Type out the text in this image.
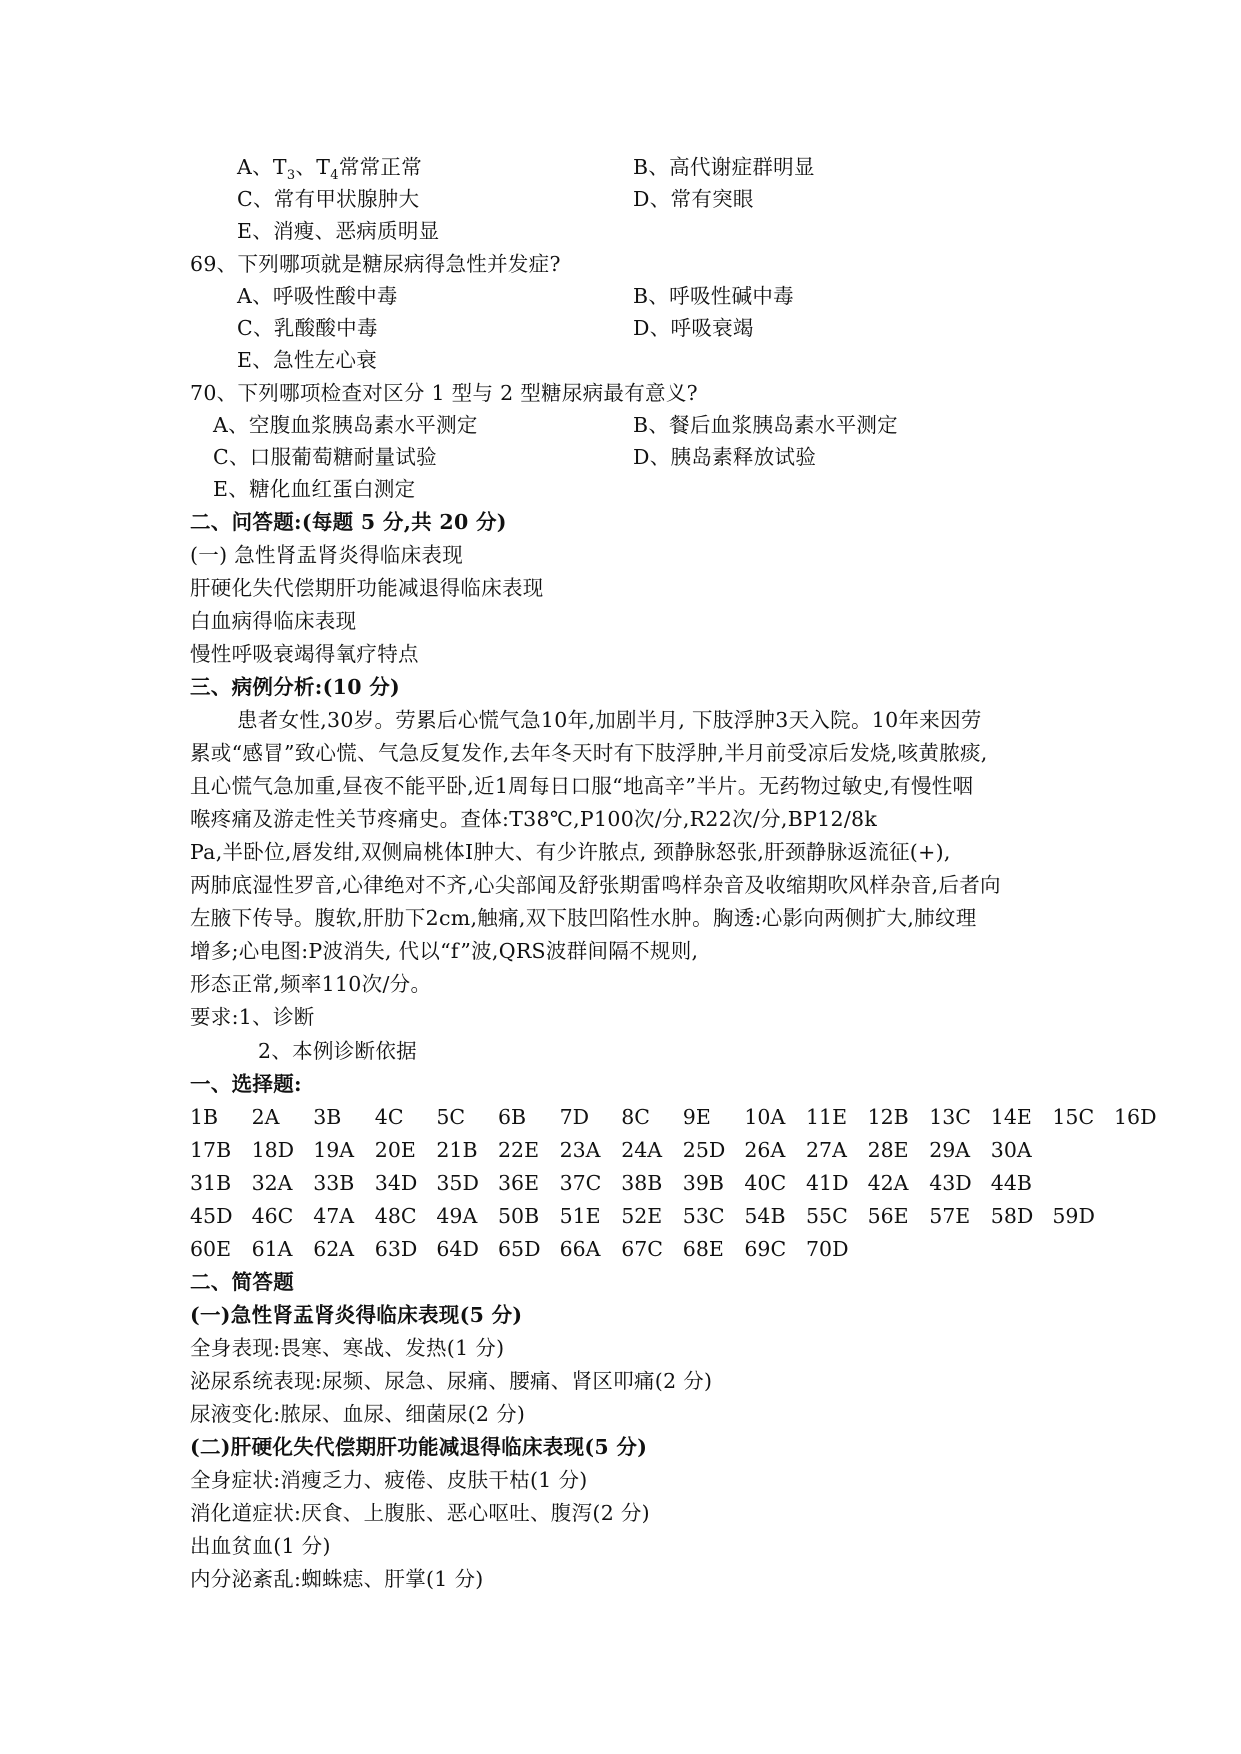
A、$T_3$、$T_4$常常正常	B、高代谢症群明显
C、常有甲状腺肿大	D、常有突眼
E、消瘦、恶病质明显
69、下列哪项就是糖尿病得急性并发症?
A、呼吸性酸中毒	B、呼吸性碱中毒
C、乳酸酸中毒	D、呼吸衰竭
E、急性左心衰
70、下列哪项检查对区分 1 型与 2 型糖尿病最有意义?
A、空腹血浆胰岛素水平测定	B、餐后血浆胰岛素水平测定
C、口服葡萄糖耐量试验	D、胰岛素释放试验
E、糖化血红蛋白测定
二、问答题:(每题 5 分,共 20 分)
(一) 急性肾盂肾炎得临床表现
肝硬化失代偿期肝功能减退得临床表现
白血病得临床表现
慢性呼吸衰竭得氧疗特点
三、病例分析:(10 分)
患者女性,30岁。劳累后心慌气急10年,加剧半月, 下肢浮肿3天入院。10年来因劳
累或“感冒”致心慌、气急反复发作,去年冬天时有下肢浮肿,半月前受凉后发烧,咳黄脓痰,
且心慌气急加重,昼夜不能平卧,近1周每日口服“地高辛”半片。无药物过敏史,有慢性咽
喉疼痛及游走性关节疼痛史。查体:T38℃,P100次/分,R22次/分,BP12/8k
Pa,半卧位,唇发绀,双侧扁桃体Ⅰ肿大、有少许脓点, 颈静脉怒张,肝颈静脉返流征(+),
两肺底湿性罗音,心律绝对不齐,心尖部闻及舒张期雷鸣样杂音及收缩期吹风样杂音,后者向
左腋下传导。腹软,肝肋下2cm,触痛,双下肢凹陷性水肿。胸透:心影向两侧扩大,肺纹理
增多;心电图:P波消失, 代以“f”波,QRS波群间隔不规则,
形态正常,频率110次/分。
要求:1、诊断
2、本例诊断依据
一、选择题:
1B 2A 3B 4C 5C 6B 7D 8C 9E 10A 11E 12B 13C 14E 15C 16D
17B 18D 19A 20E 21B 22E 23A 24A 25D 26A 27A 28E 29A 30A
31B 32A 33B 34D 35D 36E 37C 38B 39B 40C 41D 42A 43D 44B
45D 46C 47A 48C 49A 50B 51E 52E 53C 54B 55C 56E 57E 58D 59D
60E 61A 62A 63D 64D 65D 66A 67C 68E 69C 70D
二、简答题
(一)急性肾盂肾炎得临床表现(5 分)
全身表现:畏寒、寒战、发热(1 分)
泌尿系统表现:尿频、尿急、尿痛、腰痛、肾区叩痛(2 分)
尿液变化:脓尿、血尿、细菌尿(2 分)
(二)肝硬化失代偿期肝功能减退得临床表现(5 分)
全身症状:消瘦乏力、疲倦、皮肤干枯(1 分)
消化道症状:厌食、上腹胀、恶心呕吐、腹泻(2 分)
出血贫血(1 分)
内分泌紊乱:蜘蛛痣、肝掌(1 分)
